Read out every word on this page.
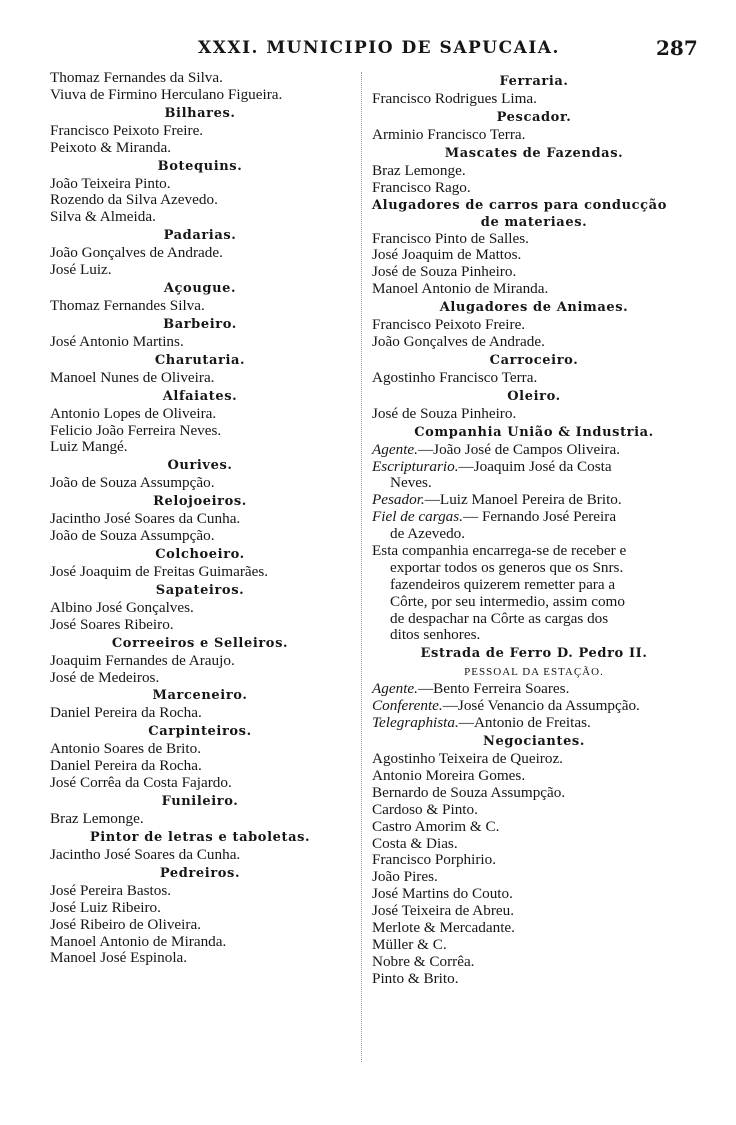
XXXI. MUNICIPIO DE SAPUCAIA.	287
Thomaz Fernandes da Silva.
Viuva de Firmino Herculano Figueira.
Bilhares.
Francisco Peixoto Freire.
Peixoto & Miranda.
Botequins.
João Teixeira Pinto.
Rozendo da Silva Azevedo.
Silva & Almeida.
Padarias.
João Gonçalves de Andrade.
José Luiz.
Açougue.
Thomaz Fernandes Silva.
Barbeiro.
José Antonio Martins.
Charutaria.
Manoel Nunes de Oliveira.
Alfaiates.
Antonio Lopes de Oliveira.
Felicio João Ferreira Neves.
Luiz Mangé.
Ourives.
João de Souza Assumpção.
Relojoeiros.
Jacintho José Soares da Cunha.
João de Souza Assumpção.
Colchoeiro.
José Joaquim de Freitas Guimarães.
Sapateiros.
Albino José Gonçalves.
José Soares Ribeiro.
Correeiros e Selleiros.
Joaquim Fernandes de Araujo.
José de Medeiros.
Marceneiro.
Daniel Pereira da Rocha.
Carpinteiros.
Antonio Soares de Brito.
Daniel Pereira da Rocha.
José Corrêa da Costa Fajardo.
Funileiro.
Braz Lemonge.
Pintor de letras e taboletas.
Jacintho José Soares da Cunha.
Pedreiros.
José Pereira Bastos.
José Luiz Ribeiro.
José Ribeiro de Oliveira.
Manoel Antonio de Miranda.
Manoel José Espinola.
Ferraria.
Francisco Rodrigues Lima.
Pescador.
Arminio Francisco Terra.
Mascates de Fazendas.
Braz Lemonge.
Francisco Rago.
Alugadores de carros para conducção
de materiaes.
Francisco Pinto de Salles.
José Joaquim de Mattos.
José de Souza Pinheiro.
Manoel Antonio de Miranda.
Alugadores de Animaes.
Francisco Peixoto Freire.
João Gonçalves de Andrade.
Carroceiro.
Agostinho Francisco Terra.
Oleiro.
José de Souza Pinheiro.
Companhia União & Industria.
Agente.—João José de Campos Oliveira.
Escripturario.—Joaquim José da Costa
Neves.
Pesador.—Luiz Manoel Pereira de Brito.
Fiel de cargas.— Fernando José Pereira
de Azevedo.
Esta companhia encarrega-se de receber e
exportar todos os generos que os Snrs.
fazendeiros quizerem remetter para a
Côrte, por seu intermedio, assim como
de despachar na Côrte as cargas dos
ditos senhores.
Estrada de Ferro D. Pedro II.
PESSOAL DA ESTAÇÃO.
Agente.—Bento Ferreira Soares.
Conferente.—José Venancio da Assumpção.
Telegraphista.—Antonio de Freitas.
Negociantes.
Agostinho Teixeira de Queiroz.
Antonio Moreira Gomes.
Bernardo de Souza Assumpção.
Cardoso & Pinto.
Castro Amorim & C.
Costa & Dias.
Francisco Porphirio.
João Pires.
José Martins do Couto.
José Teixeira de Abreu.
Merlote & Mercadante.
Müller & C.
Nobre & Corrêa.
Pinto & Brito.
